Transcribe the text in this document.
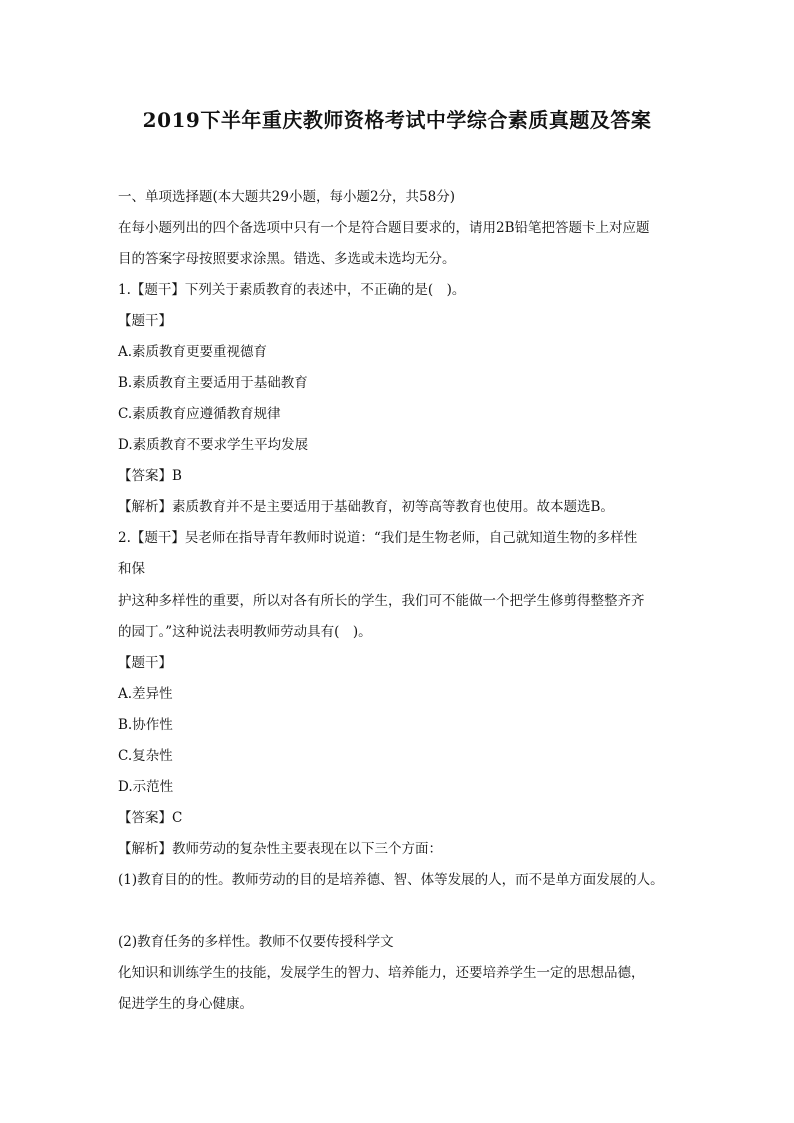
2019下半年重庆教师资格考试中学综合素质真题及答案
一、单项选择题(本大题共29小题，每小题2分，共58分)
在每小题列出的四个备选项中只有一个是符合题目要求的，请用2B铅笔把答题卡上对应题
目的答案字母按照要求涂黑。错选、多选或未选均无分。
1.【题干】下列关于素质教育的表述中，不正确的是(　)。
【题干】
A.素质教育更要重视德育
B.素质教育主要适用于基础教育
C.素质教育应遵循教育规律
D.素质教育不要求学生平均发展
【答案】B
【解析】素质教育并不是主要适用于基础教育，初等高等教育也使用。故本题选B。
2.【题干】吴老师在指导青年教师时说道：“我们是生物老师，自己就知道生物的多样性
和保
护这种多样性的重要，所以对各有所长的学生，我们可不能做一个把学生修剪得整整齐齐
的园丁。”这种说法表明教师劳动具有(　)。
【题干】
A.差异性
B.协作性
C.复杂性
D.示范性
【答案】C
【解析】教师劳动的复杂性主要表现在以下三个方面：
(1)教育目的的性。教师劳动的目的是培养德、智、体等发展的人，而不是单方面发展的人。
(2)教育任务的多样性。教师不仅要传授科学文
化知识和训练学生的技能，发展学生的智力、培养能力，还要培养学生一定的思想品德，
促进学生的身心健康。
